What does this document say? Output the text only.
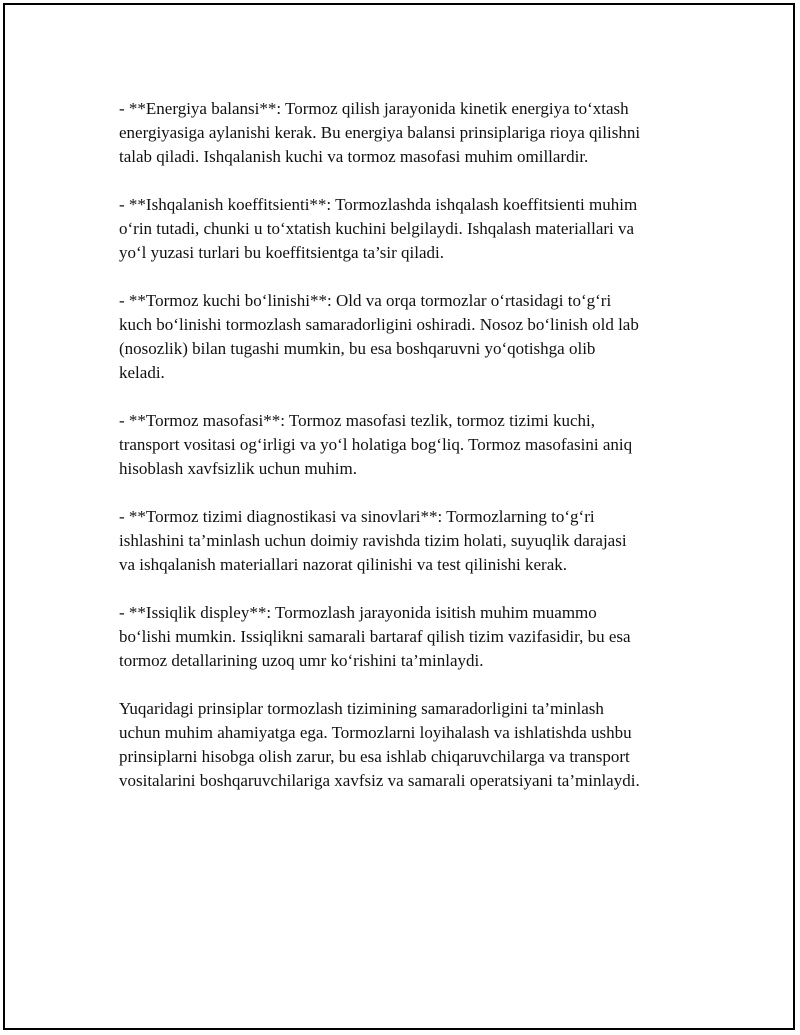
- **Energiya balansi**: Tormoz qilish jarayonida kinetik energiya to‘xtash
energiyasiga aylanishi kerak. Bu energiya balansi prinsiplariga rioya qilishni
talab qiladi. Ishqalanish kuchi va tormoz masofasi muhim omillardir.

- **Ishqalanish koeffitsienti**: Tormozlashda ishqalash koeffitsienti muhim
o‘rin tutadi, chunki u to‘xtatish kuchini belgilaydi. Ishqalash materiallari va
yo‘l yuzasi turlari bu koeffitsientga ta’sir qiladi.

- **Tormoz kuchi bo‘linishi**: Old va orqa tormozlar o‘rtasidagi to‘g‘ri
kuch bo‘linishi tormozlash samaradorligini oshiradi. Nosoz bo‘linish old lab
(nosozlik) bilan tugashi mumkin, bu esa boshqaruvni yo‘qotishga olib
keladi.

- **Tormoz masofasi**: Tormoz masofasi tezlik, tormoz tizimi kuchi,
transport vositasi og‘irligi va yo‘l holatiga bog‘liq. Tormoz masofasini aniq
hisoblash xavfsizlik uchun muhim.

- **Tormoz tizimi diagnostikasi va sinovlari**: Tormozlarning to‘g‘ri
ishlashini ta’minlash uchun doimiy ravishda tizim holati, suyuqlik darajasi
va ishqalanish materiallari nazorat qilinishi va test qilinishi kerak.

- **Issiqlik displey**: Tormozlash jarayonida isitish muhim muammo
bo‘lishi mumkin. Issiqlikni samarali bartaraf qilish tizim vazifasidir, bu esa
tormoz detallarining uzoq umr ko‘rishini ta’minlaydi.

Yuqaridagi prinsiplar tormozlash tizimining samaradorligini ta’minlash
uchun muhim ahamiyatga ega. Tormozlarni loyihalash va ishlatishda ushbu
prinsiplarni hisobga olish zarur, bu esa ishlab chiqaruvchilarga va transport
vositalarini boshqaruvchilariga xavfsiz va samarali operatsiyani ta’minlaydi.
